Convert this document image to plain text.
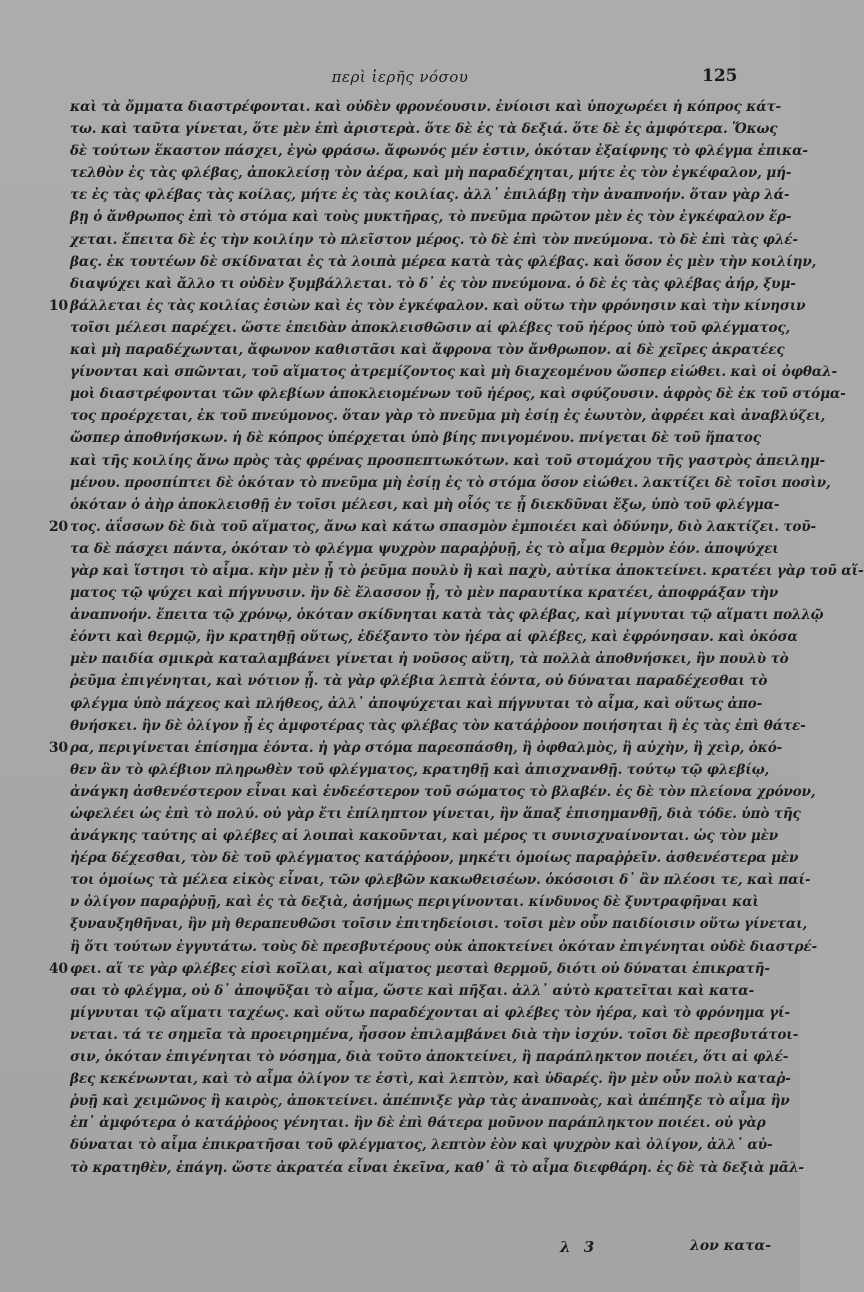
περὶ ἱερῆς νόσου	125
καὶ τὰ ὄμματα διαστρέφονται. καὶ οὐδὲν φρονέουσιν. ἐνίοισι καὶ ὑποχωρέει ἡ κόπρος κάτ-
τω. καὶ ταῦτα γίνεται, ὅτε μὲν ἐπὶ ἀριστερὰ. ὅτε δὲ ἐς τὰ δεξιά. ὅτε δὲ ἐς ἀμφότερα. Ὅκως
δὲ τούτων ἕκαστον πάσχει, ἐγὼ φράσω. ἄφωνός μέν ἐστιν, ὁκόταν ἐξαίφνης τὸ φλέγμα ἐπικα-
τελθὸν ἐς τὰς φλέβας, ἀποκλείσῃ τὸν ἀέρα, καὶ μὴ παραδέχηται, μήτε ἐς τὸν ἐγκέφαλον, μή-
τε ἐς τὰς φλέβας τὰς κοίλας, μήτε ἐς τὰς κοιλίας. ἀλλ᾽ ἐπιλάβῃ τὴν ἀναπνοήν. ὅταν γὰρ λά-
βῃ ὁ ἄνθρωπος ἐπὶ τὸ στόμα καὶ τοὺς μυκτῆρας, τὸ πνεῦμα πρῶτον μὲν ἐς τὸν ἐγκέφαλον ἔρ-
χεται. ἔπειτα δὲ ἐς τὴν κοιλίην τὸ πλεῖστον μέρος. τὸ δὲ ἐπὶ τὸν πνεύμονα. τὸ δὲ ἐπὶ τὰς φλέ-
βας. ἐκ τουτέων δὲ σκίδναται ἐς τὰ λοιπὰ μέρεα κατὰ τὰς φλέβας. καὶ ὅσον ἐς μὲν τὴν κοιλίην,
διαψύχει καὶ ἄλλο τι οὐδὲν ξυμβάλλεται. τὸ δ᾽ ἐς τὸν πνεύμονα. ὁ δὲ ἐς τὰς φλέβας ἀήρ, ξυμ-
10 βάλλεται ἐς τὰς κοιλίας ἐσιὼν καὶ ἐς τὸν ἐγκέφαλον. καὶ οὕτω τὴν φρόνησιν καὶ τὴν κίνησιν
τοῖσι μέλεσι παρέχει. ὥστε ἐπειδὰν ἀποκλεισθῶσιν αἱ φλέβες τοῦ ἠέρος ὑπὸ τοῦ φλέγματος,
καὶ μὴ παραδέχωνται, ἄφωνον καθιστᾶσι καὶ ἄφρονα τὸν ἄνθρωπον. αἱ δὲ χεῖρες ἀκρατέες
γίνονται καὶ σπῶνται, τοῦ αἵματος ἀτρεμίζοντος καὶ μὴ διαχεομένου ὥσπερ εἰώθει. καὶ οἱ ὀφθαλ-
μοὶ διαστρέφονται τῶν φλεβίων ἀποκλειομένων τοῦ ἠέρος, καὶ σφύζουσιν. ἀφρὸς δὲ ἐκ τοῦ στόμα-
τος προέρχεται, ἐκ τοῦ πνεύμονος. ὅταν γὰρ τὸ πνεῦμα μὴ ἐσίῃ ἐς ἑωυτὸν, ἀφρέει καὶ ἀναβλύζει,
ὥσπερ ἀποθνήσκων. ἡ δὲ κόπρος ὑπέρχεται ὑπὸ βίης πνιγομένου. πνίγεται δὲ τοῦ ἥπατος
καὶ τῆς κοιλίης ἄνω πρὸς τὰς φρένας προσπεπτωκότων. καὶ τοῦ στομάχου τῆς γαστρὸς ἀπειλημ-
μένου. προσπίπτει δὲ ὁκόταν τὸ πνεῦμα μὴ ἐσίῃ ἐς τὸ στόμα ὅσον εἰώθει. λακτίζει δὲ τοῖσι ποσὶν,
ὁκόταν ὁ ἀὴρ ἀποκλεισθῇ ἐν τοῖσι μέλεσι, καὶ μὴ οἷός τε ᾖ διεκδῦναι ἔξω, ὑπὸ τοῦ φλέγμα-
20 τος. ἀΐσσων δὲ διὰ τοῦ αἵματος, ἄνω καὶ κάτω σπασμὸν ἐμποιέει καὶ ὀδύνην, διὸ λακτίζει. τοῦ-
τα δὲ πάσχει πάντα, ὁκόταν τὸ φλέγμα ψυχρὸν παραῤῥυῇ, ἐς τὸ αἷμα θερμὸν ἐόν. ἀποψύχει
γὰρ καὶ ἵστησι τὸ αἷμα. κὴν μὲν ᾖ τὸ ῥεῦμα πουλὺ ἢ καὶ παχὺ, αὐτίκα ἀποκτείνει. κρατέει γὰρ τοῦ αἵ-
ματος τῷ ψύχει καὶ πήγνυσιν. ἢν δὲ ἔλασσον ᾖ, τὸ μὲν παραυτίκα κρατέει, ἀποφράξαν τὴν
ἀναπνοήν. ἔπειτα τῷ χρόνῳ, ὁκόταν σκίδνηται κατὰ τὰς φλέβας, καὶ μίγνυται τῷ αἵματι πολλῷ
ἐόντι καὶ θερμῷ, ἢν κρατηθῇ οὕτως, ἐδέξαντο τὸν ἠέρα αἱ φλέβες, καὶ ἐφρόνησαν. καὶ ὁκόσα
μὲν παιδία σμικρὰ καταλαμβάνει γίνεται ἡ νοῦσος αὕτη, τὰ πολλὰ ἀποθνήσκει, ἢν πουλὺ τὸ
ῥεῦμα ἐπιγένηται, καὶ νότιον ᾖ. τὰ γὰρ φλέβια λεπτὰ ἐόντα, οὐ δύναται παραδέχεσθαι τὸ
φλέγμα ὑπὸ πάχεος καὶ πλήθεος, ἀλλ᾽ ἀποψύχεται καὶ πήγνυται τὸ αἷμα, καὶ οὕτως ἀπο-
θνήσκει. ἢν δὲ ὀλίγον ᾖ ἐς ἀμφοτέρας τὰς φλέβας τὸν κατάῤῥοον ποιήσηται ἢ ἐς τὰς ἐπὶ θάτε-
30 ρα, περιγίνεται ἐπίσημα ἐόντα. ἡ γὰρ στόμα παρεσπάσθη, ἢ ὀφθαλμὸς, ἢ αὐχὴν, ἢ χεὶρ, ὁκό-
θεν ἂν τὸ φλέβιον πληρωθὲν τοῦ φλέγματος, κρατηθῇ καὶ ἀπισχνανθῇ. τούτῳ τῷ φλεβίῳ,
ἀνάγκη ἀσθενέστερον εἶναι καὶ ἐνδεέστερον τοῦ σώματος τὸ βλαβέν. ἐς δὲ τὸν πλείονα χρόνον,
ὠφελέει ὡς ἐπὶ τὸ πολύ. οὐ γὰρ ἔτι ἐπίληπτον γίνεται, ἢν ἅπαξ ἐπισημανθῇ, διὰ τόδε. ὑπὸ τῆς
ἀνάγκης ταύτης αἱ φλέβες αἱ λοιπαὶ κακοῦνται, καὶ μέρος τι συνισχναίνονται. ὡς τὸν μὲν
ἠέρα δέχεσθαι, τὸν δὲ τοῦ φλέγματος κατάῤῥοον, μηκέτι ὁμοίως παραῤῥεῖν. ἀσθενέστερα μὲν
τοι ὁμοίως τὰ μέλεα εἰκὸς εἶναι, τῶν φλεβῶν κακωθεισέων. ὁκόσοισι δ᾽ ἂν πλέοσι τε, καὶ παί-
ν ὀλίγον παραῤῥυῇ, καὶ ἐς τὰ δεξιὰ, ἀσήμως περιγίνονται. κίνδυνος δὲ ξυντραφῆναι καὶ
ξυναυξηθῆναι, ἢν μὴ θεραπευθῶσι τοῖσιν ἐπιτηδείοισι. τοῖσι μὲν οὖν παιδίοισιν οὕτω γίνεται,
ἢ ὅτι τούτων ἐγγυτάτω. τοὺς δὲ πρεσβυτέρους οὐκ ἀποκτείνει ὁκόταν ἐπιγένηται οὐδὲ διαστρέ-
40 φει. αἵ τε γὰρ φλέβες εἰσὶ κοῖλαι, καὶ αἵματος μεσταὶ θερμοῦ, διότι οὐ δύναται ἐπικρατῆ-
σαι τὸ φλέγμα, οὐ δ᾽ ἀποψῦξαι τὸ αἷμα, ὥστε καὶ πῆξαι. ἀλλ᾽ αὐτὸ κρατεῖται καὶ κατα-
μίγνυται τῷ αἵματι ταχέως. καὶ οὕτω παραδέχονται αἱ φλέβες τὸν ἠέρα, καὶ τὸ φρόνημα γί-
νεται. τά τε σημεῖα τὰ προειρημένα, ἧσσον ἐπιλαμβάνει διὰ τὴν ἰσχύν. τοῖσι δὲ πρεσβυτάτοι-
σιν, ὁκόταν ἐπιγένηται τὸ νόσημα, διὰ τοῦτο ἀποκτείνει, ἢ παράπληκτον ποιέει, ὅτι αἱ φλέ-
βες κεκένωνται, καὶ τὸ αἷμα ὀλίγον τε ἐστὶ, καὶ λεπτὸν, καὶ ὑδαρές. ἢν μὲν οὖν πολὺ καταῤ-
ῥυῇ καὶ χειμῶνος ἢ καιρὸς, ἀποκτείνει. ἀπέπνιξε γὰρ τὰς ἀναπνοὰς, καὶ ἀπέπηξε τὸ αἷμα ἢν
ἐπ᾽ ἀμφότερα ὁ κατάῤῥοος γένηται. ἢν δὲ ἐπὶ θάτερα μοῦνον παράπληκτον ποιέει. οὐ γὰρ
δύναται τὸ αἷμα ἐπικρατῆσαι τοῦ φλέγματος, λεπτὸν ἐὸν καὶ ψυχρὸν καὶ ὀλίγον, ἀλλ᾽ αὐ-
τὸ κρατηθὲν, ἐπάγη. ὥστε ἀκρατέα εἶναι ἐκεῖνα, καθ᾽ ἃ τὸ αἷμα διεφθάρη. ἐς δὲ τὰ δεξιὰ μᾶλ-
λ 3	λον κατα-
